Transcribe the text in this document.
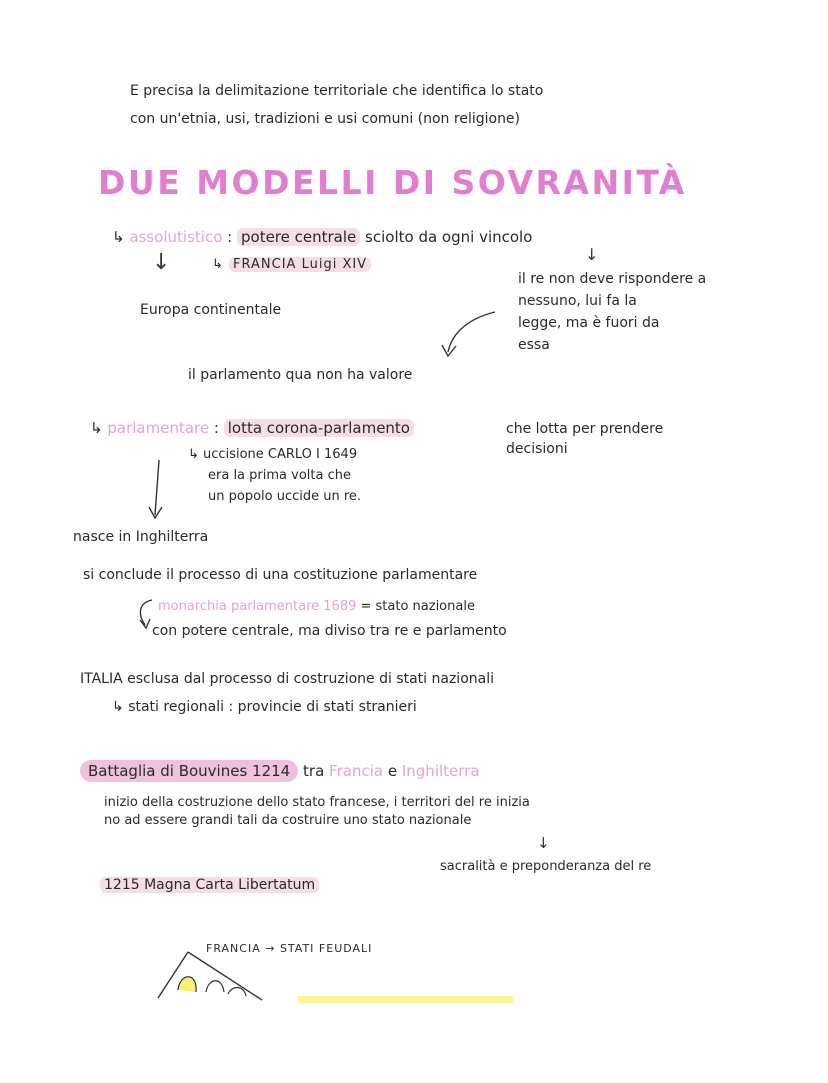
E precisa la delimitazione territoriale che identifica lo stato
con un'etnia, usi, tradizioni e usi comuni (non religione)
DUE MODELLI DI SOVRANITÀ
↳ assolutistico : potere centrale sciolto da ogni vincolo
↓	↳ FRANCIA Luigi XIV
Europa continentale
↓
il re non deve rispondere a
nessuno, lui fa la
legge, ma è fuori da
essa
il parlamento qua non ha valore
↳ parlamentare : lotta corona-parlamento	che lotta per prendere
decisioni
↳ uccisione CARLO I 1649
era la prima volta che
un popolo uccide un re.
nasce in Inghilterra
si conclude il processo di una costituzione parlamentare
monarchia parlamentare 1689 = stato nazionale
con potere centrale, ma diviso tra re e parlamento
ITALIA esclusa dal processo di costruzione di stati nazionali
↳ stati regionali : provincie di stati stranieri
Battaglia di Bouvines 1214 tra Francia e Inghilterra
inizio della costruzione dello stato francese, i territori del re inizia
no ad essere grandi tali da costruire uno stato nazionale
↓
sacralità e preponderanza del re
1215 Magna Carta Libertatum
FRANCIA → STATI FEUDALI
